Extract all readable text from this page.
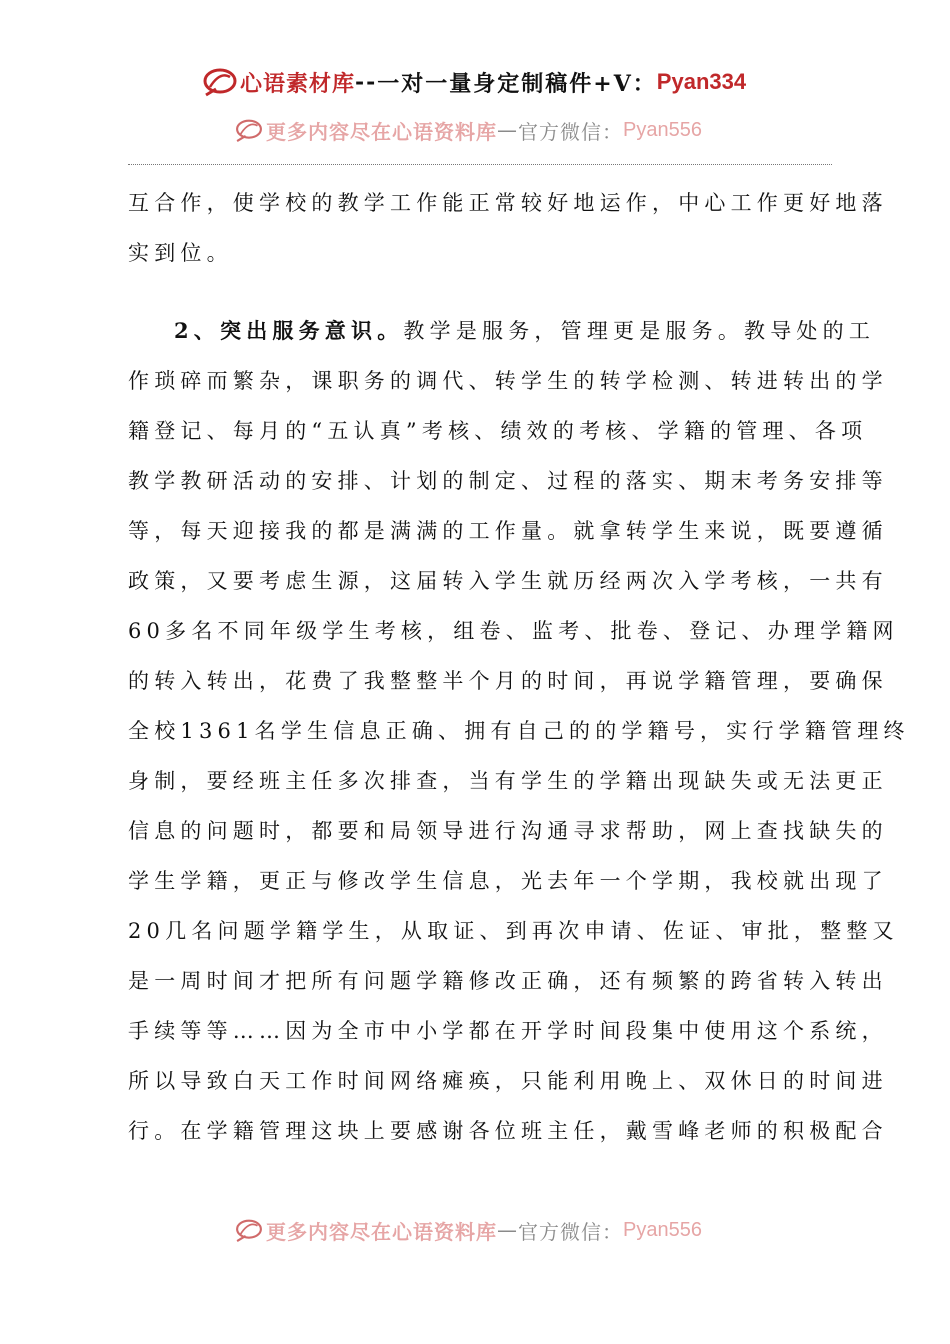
心语素材库 -- 一对一量身定制稿件+V： Pyan334
更多内容尽在心语资料库 — 官方微信： Pyan556
互合作，使学校的教学工作能正常较好地运作，中心工作更好地落
实到位。
2、突出服务意识。教学是服务，管理更是服务。教导处的工
作琐碎而繁杂，课职务的调代、转学生的转学检测、转进转出的学
籍登记、每月的“五认真”考核、绩效的考核、学籍的管理、各项
教学教研活动的安排、计划的制定、过程的落实、期末考务安排等
等，每天迎接我的都是满满的工作量。就拿转学生来说，既要遵循
政策，又要考虑生源，这届转入学生就历经两次入学考核，一共有
60多名不同年级学生考核，组卷、监考、批卷、登记、办理学籍网
的转入转出，花费了我整整半个月的时间，再说学籍管理，要确保
全校1361名学生信息正确、拥有自己的的学籍号，实行学籍管理终
身制，要经班主任多次排查，当有学生的学籍出现缺失或无法更正
信息的问题时，都要和局领导进行沟通寻求帮助，网上查找缺失的
学生学籍，更正与修改学生信息，光去年一个学期，我校就出现了
20几名问题学籍学生，从取证、到再次申请、佐证、审批，整整又
是一周时间才把所有问题学籍修改正确，还有频繁的跨省转入转出
手续等等……因为全市中小学都在开学时间段集中使用这个系统，
所以导致白天工作时间网络瘫痪，只能利用晚上、双休日的时间进
行。在学籍管理这块上要感谢各位班主任，戴雪峰老师的积极配合
更多内容尽在心语资料库 — 官方微信： Pyan556
